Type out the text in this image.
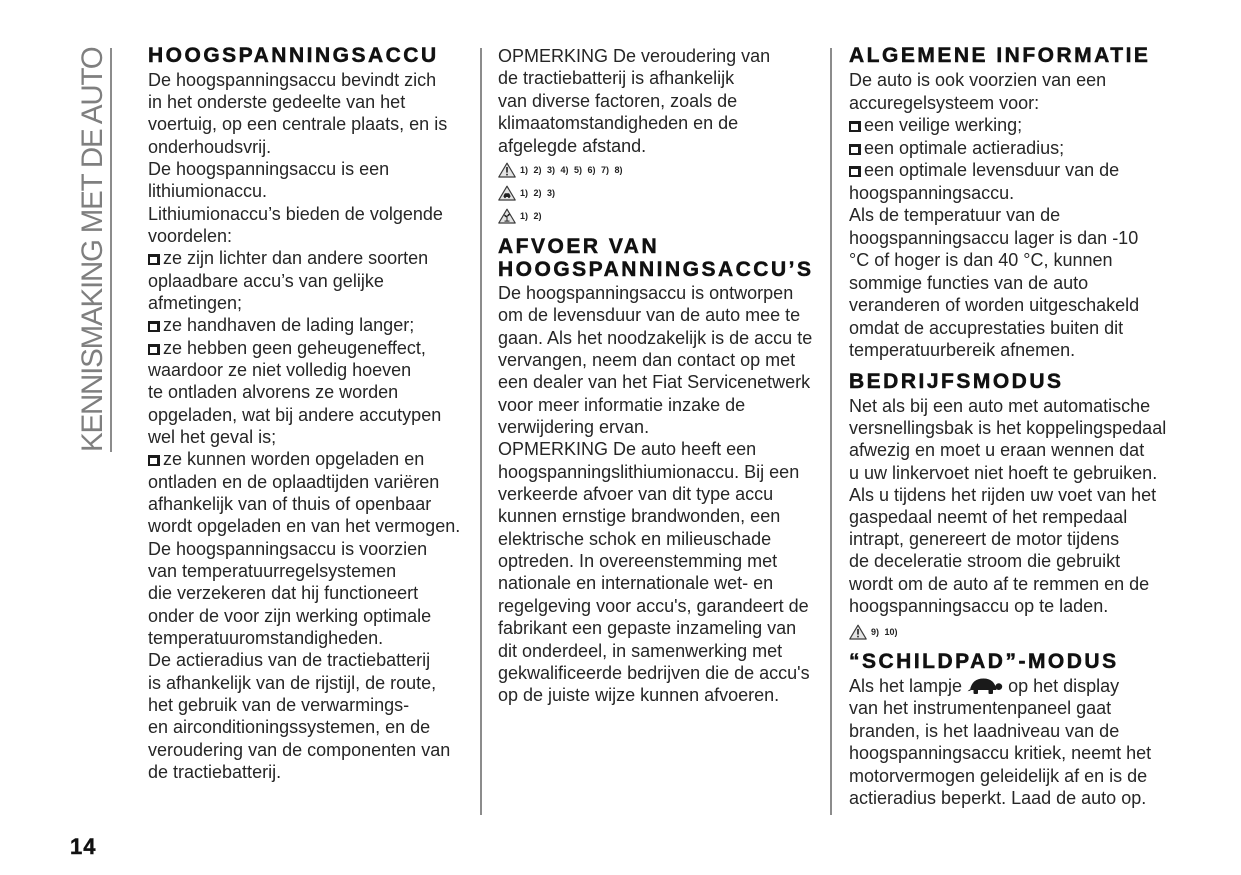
KENNISMAKING MET DE AUTO HOOGSPANNINGSACCU
De hoogspanningsaccu bevindt zich
in het onderste gedeelte van het
voertuig, op een centrale plaats, en is
onderhoudsvrij.
De hoogspanningsaccu is een
lithiumionaccu.
Lithiumionaccu’s bieden de volgende
voordelen:
ze zijn lichter dan andere soorten
oplaadbare accu’s van gelijke
afmetingen;
ze handhaven de lading langer;
ze hebben geen geheugeneffect,
waardoor ze niet volledig hoeven
te ontladen alvorens ze worden
opgeladen, wat bij andere accutypen
wel het geval is;
ze kunnen worden opgeladen en
ontladen en de oplaadtijden variëren
afhankelijk van of thuis of openbaar
wordt opgeladen en van het vermogen.
De hoogspanningsaccu is voorzien
van temperatuurregelsystemen
die verzekeren dat hij functioneert
onder de voor zijn werking optimale
temperatuuromstandigheden.
De actieradius van de tractiebatterij
is afhankelijk van de rijstijl, de route,
het gebruik van de verwarmings-
en airconditioningssystemen, en de
veroudering van de componenten van
de tractiebatterij.
OPMERKING De veroudering van
de tractiebatterij is afhankelijk
van diverse factoren, zoals de
klimaatomstandigheden en de
afgelegde afstand.
1) 2) 3) 4) 5) 6) 7) 8)
1) 2) 3)
1) 2)
AFVOER VAN
HOOGSPANNINGSACCU’S
De hoogspanningsaccu is ontworpen
om de levensduur van de auto mee te
gaan. Als het noodzakelijk is de accu te
vervangen, neem dan contact op met
een dealer van het Fiat Servicenetwerk
voor meer informatie inzake de
verwijdering ervan.
OPMERKING De auto heeft een
hoogspanningslithiumionaccu. Bij een
verkeerde afvoer van dit type accu
kunnen ernstige brandwonden, een
elektrische schok en milieuschade
optreden. In overeenstemming met
nationale en internationale wet- en
regelgeving voor accu's, garandeert de
fabrikant een gepaste inzameling van
dit onderdeel, in samenwerking met
gekwalificeerde bedrijven die de accu's
op de juiste wijze kunnen afvoeren.
ALGEMENE INFORMATIE
De auto is ook voorzien van een
accuregelsysteem voor:
een veilige werking;
een optimale actieradius;
een optimale levensduur van de
hoogspanningsaccu.
Als de temperatuur van de
hoogspanningsaccu lager is dan -10
°C of hoger is dan 40 °C, kunnen
sommige functies van de auto
veranderen of worden uitgeschakeld
omdat de accuprestaties buiten dit
temperatuurbereik afnemen.
BEDRIJFSMODUS
Net als bij een auto met automatische
versnellingsbak is het koppelingspedaal
afwezig en moet u eraan wennen dat
u uw linkervoet niet hoeft te gebruiken.
Als u tijdens het rijden uw voet van het
gaspedaal neemt of het rempedaal
intrapt, genereert de motor tijdens
de deceleratie stroom die gebruikt
wordt om de auto af te remmen en de
hoogspanningsaccu op te laden.
9) 10)
“SCHILDPAD”-MODUS
Als het lampje	op het display
van het instrumentenpaneel gaat
branden, is het laadniveau van de
hoogspanningsaccu kritiek, neemt het
motorvermogen geleidelijk af en is de
actieradius beperkt. Laad de auto op.
14
